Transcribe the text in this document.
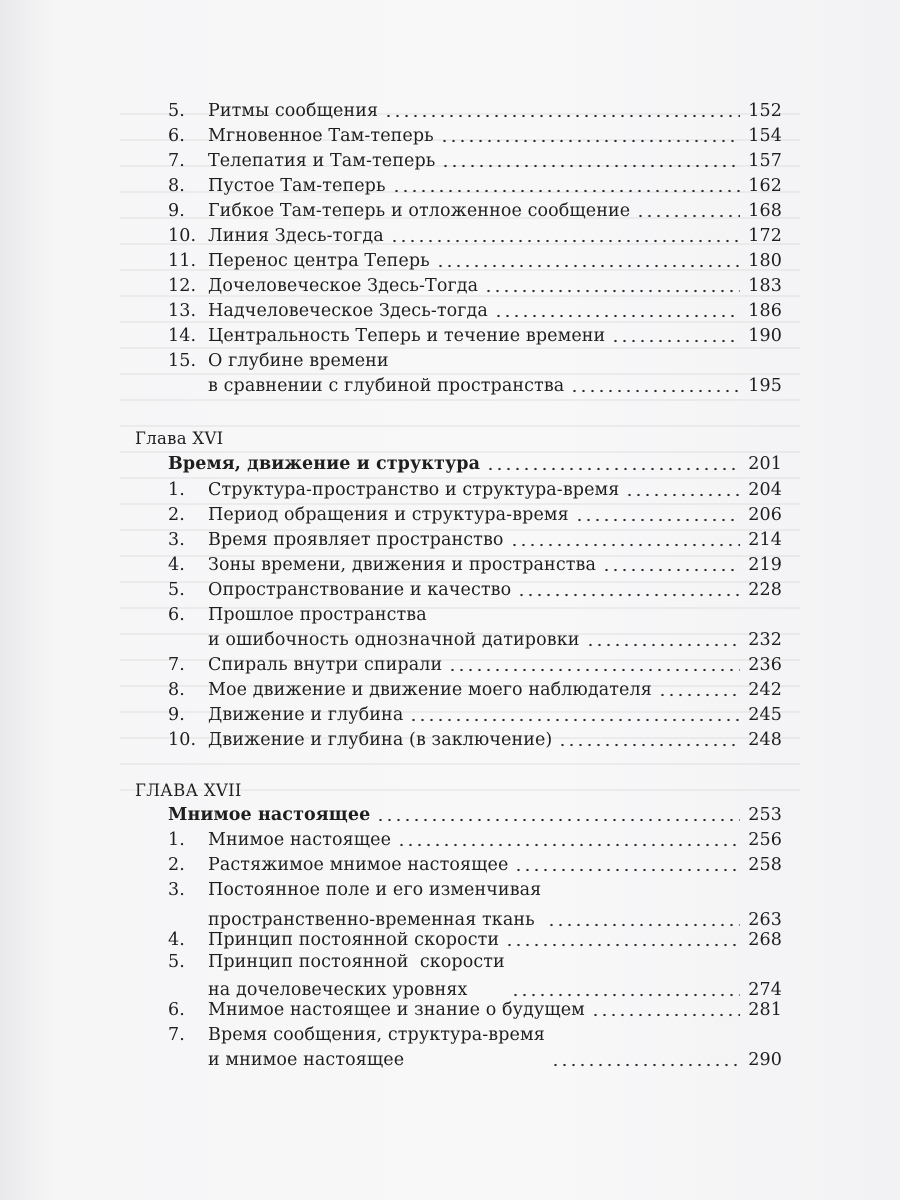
5.	Ритмы сообщения	152
6.	Мгновенное Там-теперь	154
7.	Телепатия и Там-теперь	157
8.	Пустое Там-теперь	162
9.	Гибкое Там-теперь и отложенное сообщение	168
10. Линия Здесь-тогда	172
11. Перенос центра Теперь	180
12. Дочеловеческое Здесь-Тогда	183
13. Надчеловеческое Здесь-тогда	186
14. Центральность Теперь и течение времени	190
15. О глубине времени
в сравнении с глубиной пространства	195
Глава XVI
Время, движение и структура	201
1.	Структура-пространство и структура-время	204
2.	Период обращения и структура-время	206
3.	Время проявляет пространство	214
4.	Зоны времени, движения и пространства	219
5.	Опространствование и качество	228
6.	Прошлое пространства
и ошибочность однозначной датировки	232
7.	Спираль внутри спирали	236
8.	Мое движение и движение моего наблюдателя	242
9.	Движение и глубина	245
10. Движение и глубина (в заключение)	248
ГЛАВА XVII
Мнимое настоящее	253
1.	Мнимое настоящее	256
2.	Растяжимое мнимое настоящее	258
3.	Постоянное поле и его изменчивая
пространственно-временная ткань	263
4.	Принцип постоянной скорости	268
5.	Принцип постоянной  скорости
на дочеловеческих уровнях	274
6.	Мнимое настоящее и знание о будущем	281
7.	Время сообщения, структура-время
и мнимое настоящее	290
